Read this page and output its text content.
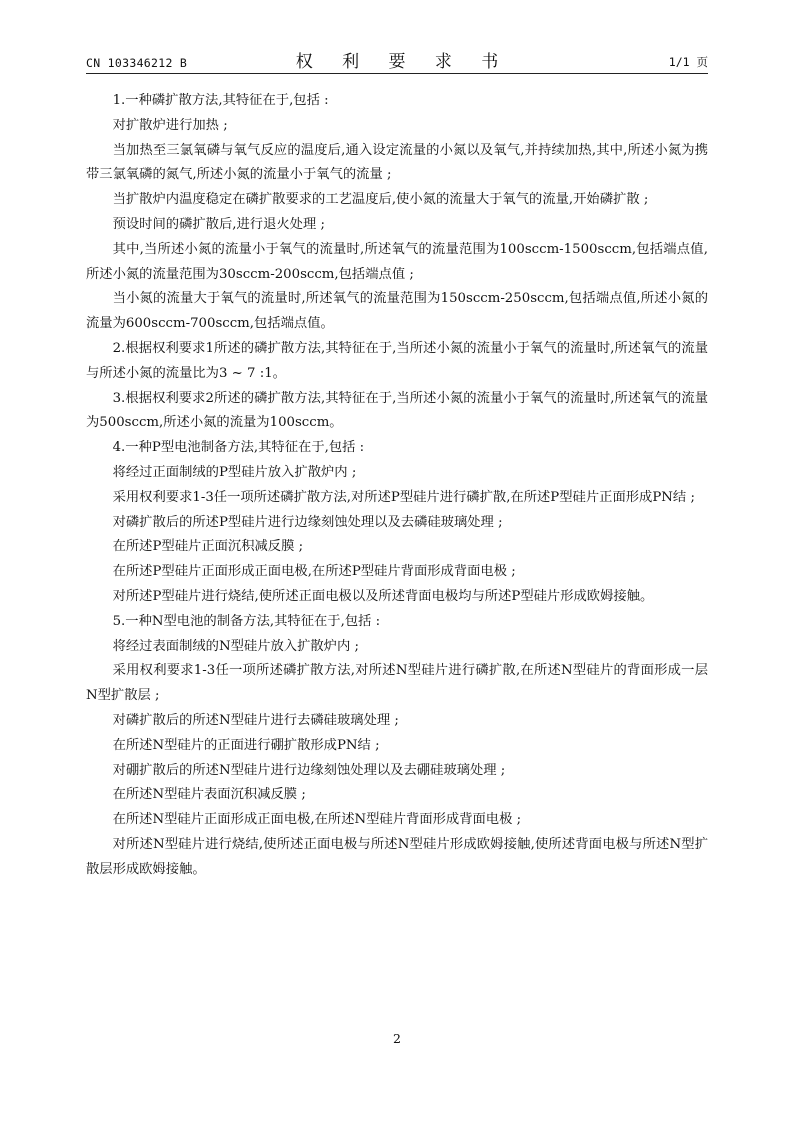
CN 103346212 B	权 利 要 求 书	1/1 页

1.一种磷扩散方法,其特征在于,包括 :

对扩散炉进行加热 ;

当加热至三氯氧磷与氧气反应的温度后,通入设定流量的小氮以及氧气,并持续加热,其中,所述小氮为携带三氯氧磷的氮气,所述小氮的流量小于氧气的流量 ;

当扩散炉内温度稳定在磷扩散要求的工艺温度后,使小氮的流量大于氧气的流量,开始磷扩散 ;

预设时间的磷扩散后,进行退火处理 ;

其中,当所述小氮的流量小于氧气的流量时,所述氧气的流量范围为100sccm-1500sccm,包括端点值,所述小氮的流量范围为30sccm-200sccm,包括端点值 ;

当小氮的流量大于氧气的流量时,所述氧气的流量范围为150sccm-250sccm,包括端点值,所述小氮的流量为600sccm-700sccm,包括端点值。

2.根据权利要求1所述的磷扩散方法,其特征在于,当所述小氮的流量小于氧气的流量时,所述氧气的流量与所述小氮的流量比为3 ~ 7 :1。

3.根据权利要求2所述的磷扩散方法,其特征在于,当所述小氮的流量小于氧气的流量时,所述氧气的流量为500sccm,所述小氮的流量为100sccm。

4.一种P型电池制备方法,其特征在于,包括 :

将经过正面制绒的P型硅片放入扩散炉内 ;

采用权利要求1-3任一项所述磷扩散方法,对所述P型硅片进行磷扩散,在所述P型硅片正面形成PN结 ;

对磷扩散后的所述P型硅片进行边缘刻蚀处理以及去磷硅玻璃处理 ;

在所述P型硅片正面沉积减反膜 ;

在所述P型硅片正面形成正面电极,在所述P型硅片背面形成背面电极 ;

对所述P型硅片进行烧结,使所述正面电极以及所述背面电极均与所述P型硅片形成欧姆接触。

5.一种N型电池的制备方法,其特征在于,包括 :

将经过表面制绒的N型硅片放入扩散炉内 ;

采用权利要求1-3任一项所述磷扩散方法,对所述N型硅片进行磷扩散,在所述N型硅片的背面形成一层N型扩散层 ;

对磷扩散后的所述N型硅片进行去磷硅玻璃处理 ;

在所述N型硅片的正面进行硼扩散形成PN结 ;

对硼扩散后的所述N型硅片进行边缘刻蚀处理以及去硼硅玻璃处理 ;

在所述N型硅片表面沉积减反膜 ;

在所述N型硅片正面形成正面电极,在所述N型硅片背面形成背面电极 ;

对所述N型硅片进行烧结,使所述正面电极与所述N型硅片形成欧姆接触,使所述背面电极与所述N型扩散层形成欧姆接触。

2
